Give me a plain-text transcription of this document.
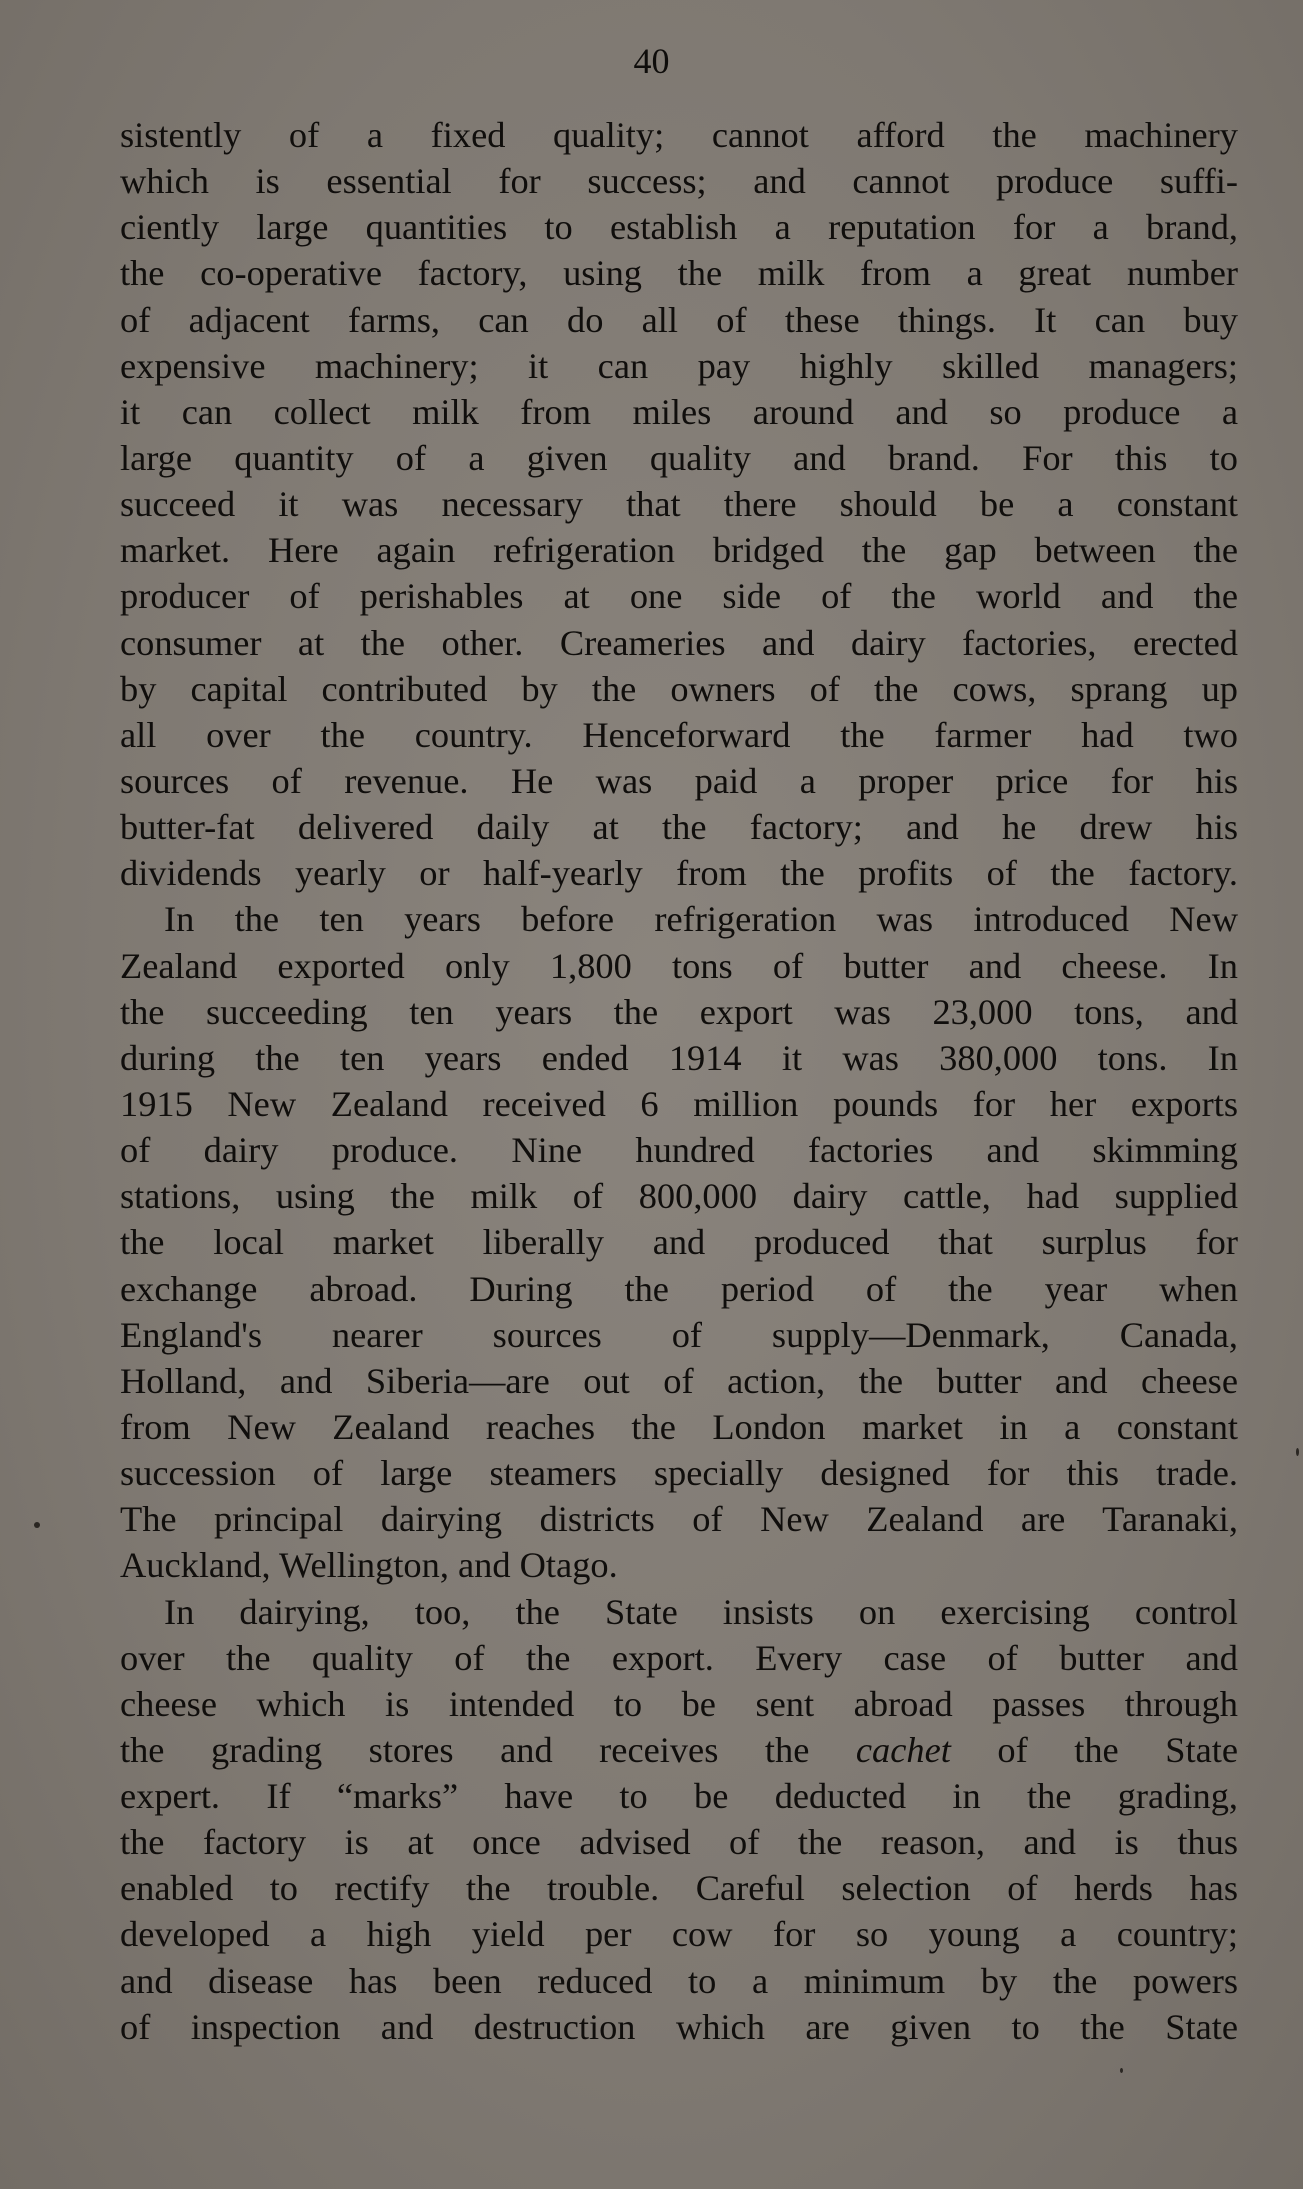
40
sistently of a fixed quality; cannot afford the machinery
which is essential for success; and cannot produce suffi-
ciently large quantities to establish a reputation for a brand,
the co-operative factory, using the milk from a great number
of adjacent farms, can do all of these things. It can buy
expensive machinery; it can pay highly skilled managers;
it can collect milk from miles around and so produce a
large quantity of a given quality and brand. For this to
succeed it was necessary that there should be a constant
market. Here again refrigeration bridged the gap between the
producer of perishables at one side of the world and the
consumer at the other. Creameries and dairy factories, erected
by capital contributed by the owners of the cows, sprang up
all over the country. Henceforward the farmer had two
sources of revenue. He was paid a proper price for his
butter-fat delivered daily at the factory; and he drew his
dividends yearly or half-yearly from the profits of the factory.
In the ten years before refrigeration was introduced New
Zealand exported only 1,800 tons of butter and cheese. In
the succeeding ten years the export was 23,000 tons, and
during the ten years ended 1914 it was 380,000 tons. In
1915 New Zealand received 6 million pounds for her exports
of dairy produce. Nine hundred factories and skimming
stations, using the milk of 800,000 dairy cattle, had supplied
the local market liberally and produced that surplus for
exchange abroad. During the period of the year when
England's nearer sources of supply—Denmark, Canada,
Holland, and Siberia—are out of action, the butter and cheese
from New Zealand reaches the London market in a constant
succession of large steamers specially designed for this trade.
The principal dairying districts of New Zealand are Taranaki,
Auckland, Wellington, and Otago.
In dairying, too, the State insists on exercising control
over the quality of the export. Every case of butter and
cheese which is intended to be sent abroad passes through
the grading stores and receives the cachet of the State
expert. If “marks” have to be deducted in the grading,
the factory is at once advised of the reason, and is thus
enabled to rectify the trouble. Careful selection of herds has
developed a high yield per cow for so young a country;
and disease has been reduced to a minimum by the powers
of inspection and destruction which are given to the State
